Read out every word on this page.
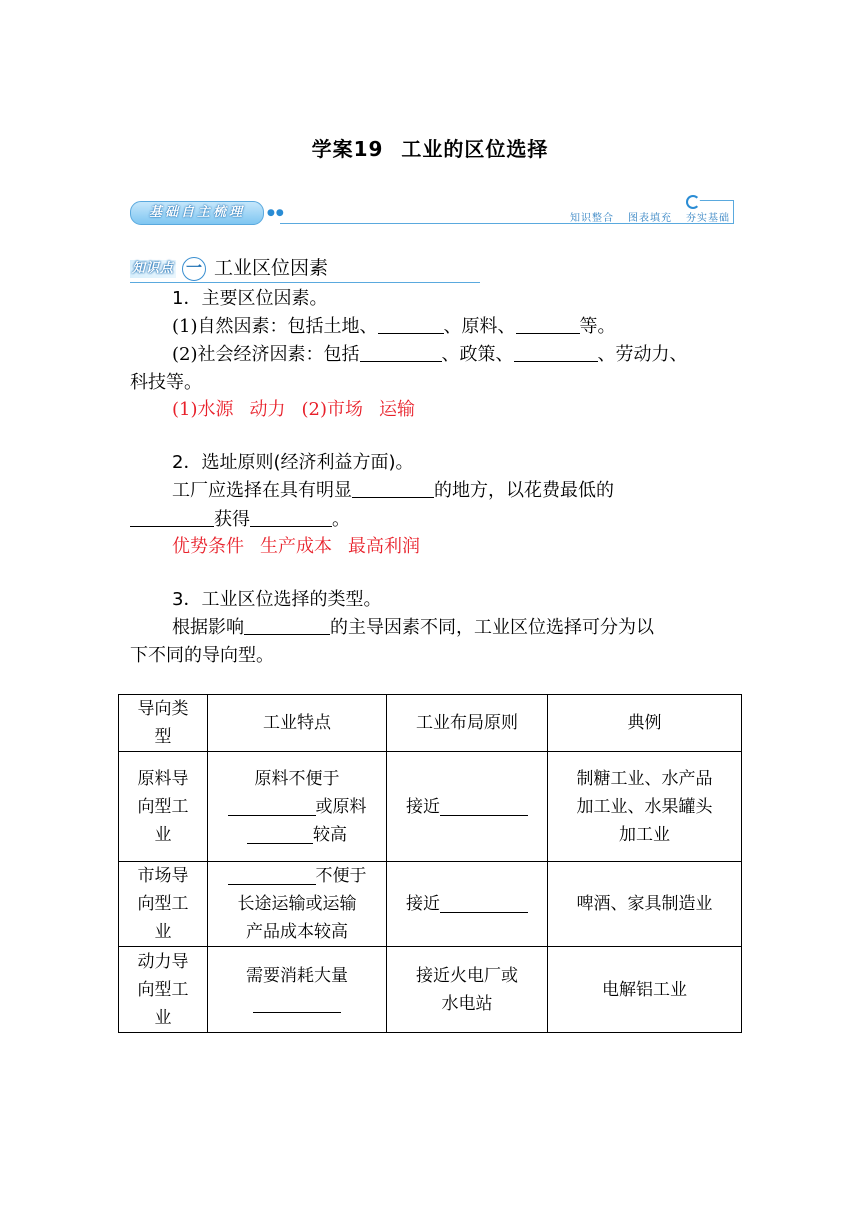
学案19 工业的区位选择
基础自主梳理	●●	知识整合 图表填充 夯实基础
知识点 一 工业区位因素
1．主要区位因素。
(1)自然因素：包括土地、	、原料、	等。
(2)社会经济因素：包括	、政策、	、劳动力、
科技等。
(1)水源 动力 (2)市场 运输
2．选址原则(经济利益方面)。
工厂应选择在具有明显	的地方，以花费最低的
获得	。
优势条件 生产成本 最高利润
3．工业区位选择的类型。
根据影响	的主导因素不同，工业区位选择可分为以
下不同的导向型。
导向类
型	工业特点	工业布局原则	典例
原料导
向型工
业	原料不便于
或原料
较高	接近	制糖工业、水产品
加工业、水果罐头
加工业
市场导
向型工
业	不便于
长途运输或运输
产品成本较高	接近	啤酒、家具制造业
动力导
向型工
业	需要消耗大量	接近火电厂或
水电站	电解铝工业
